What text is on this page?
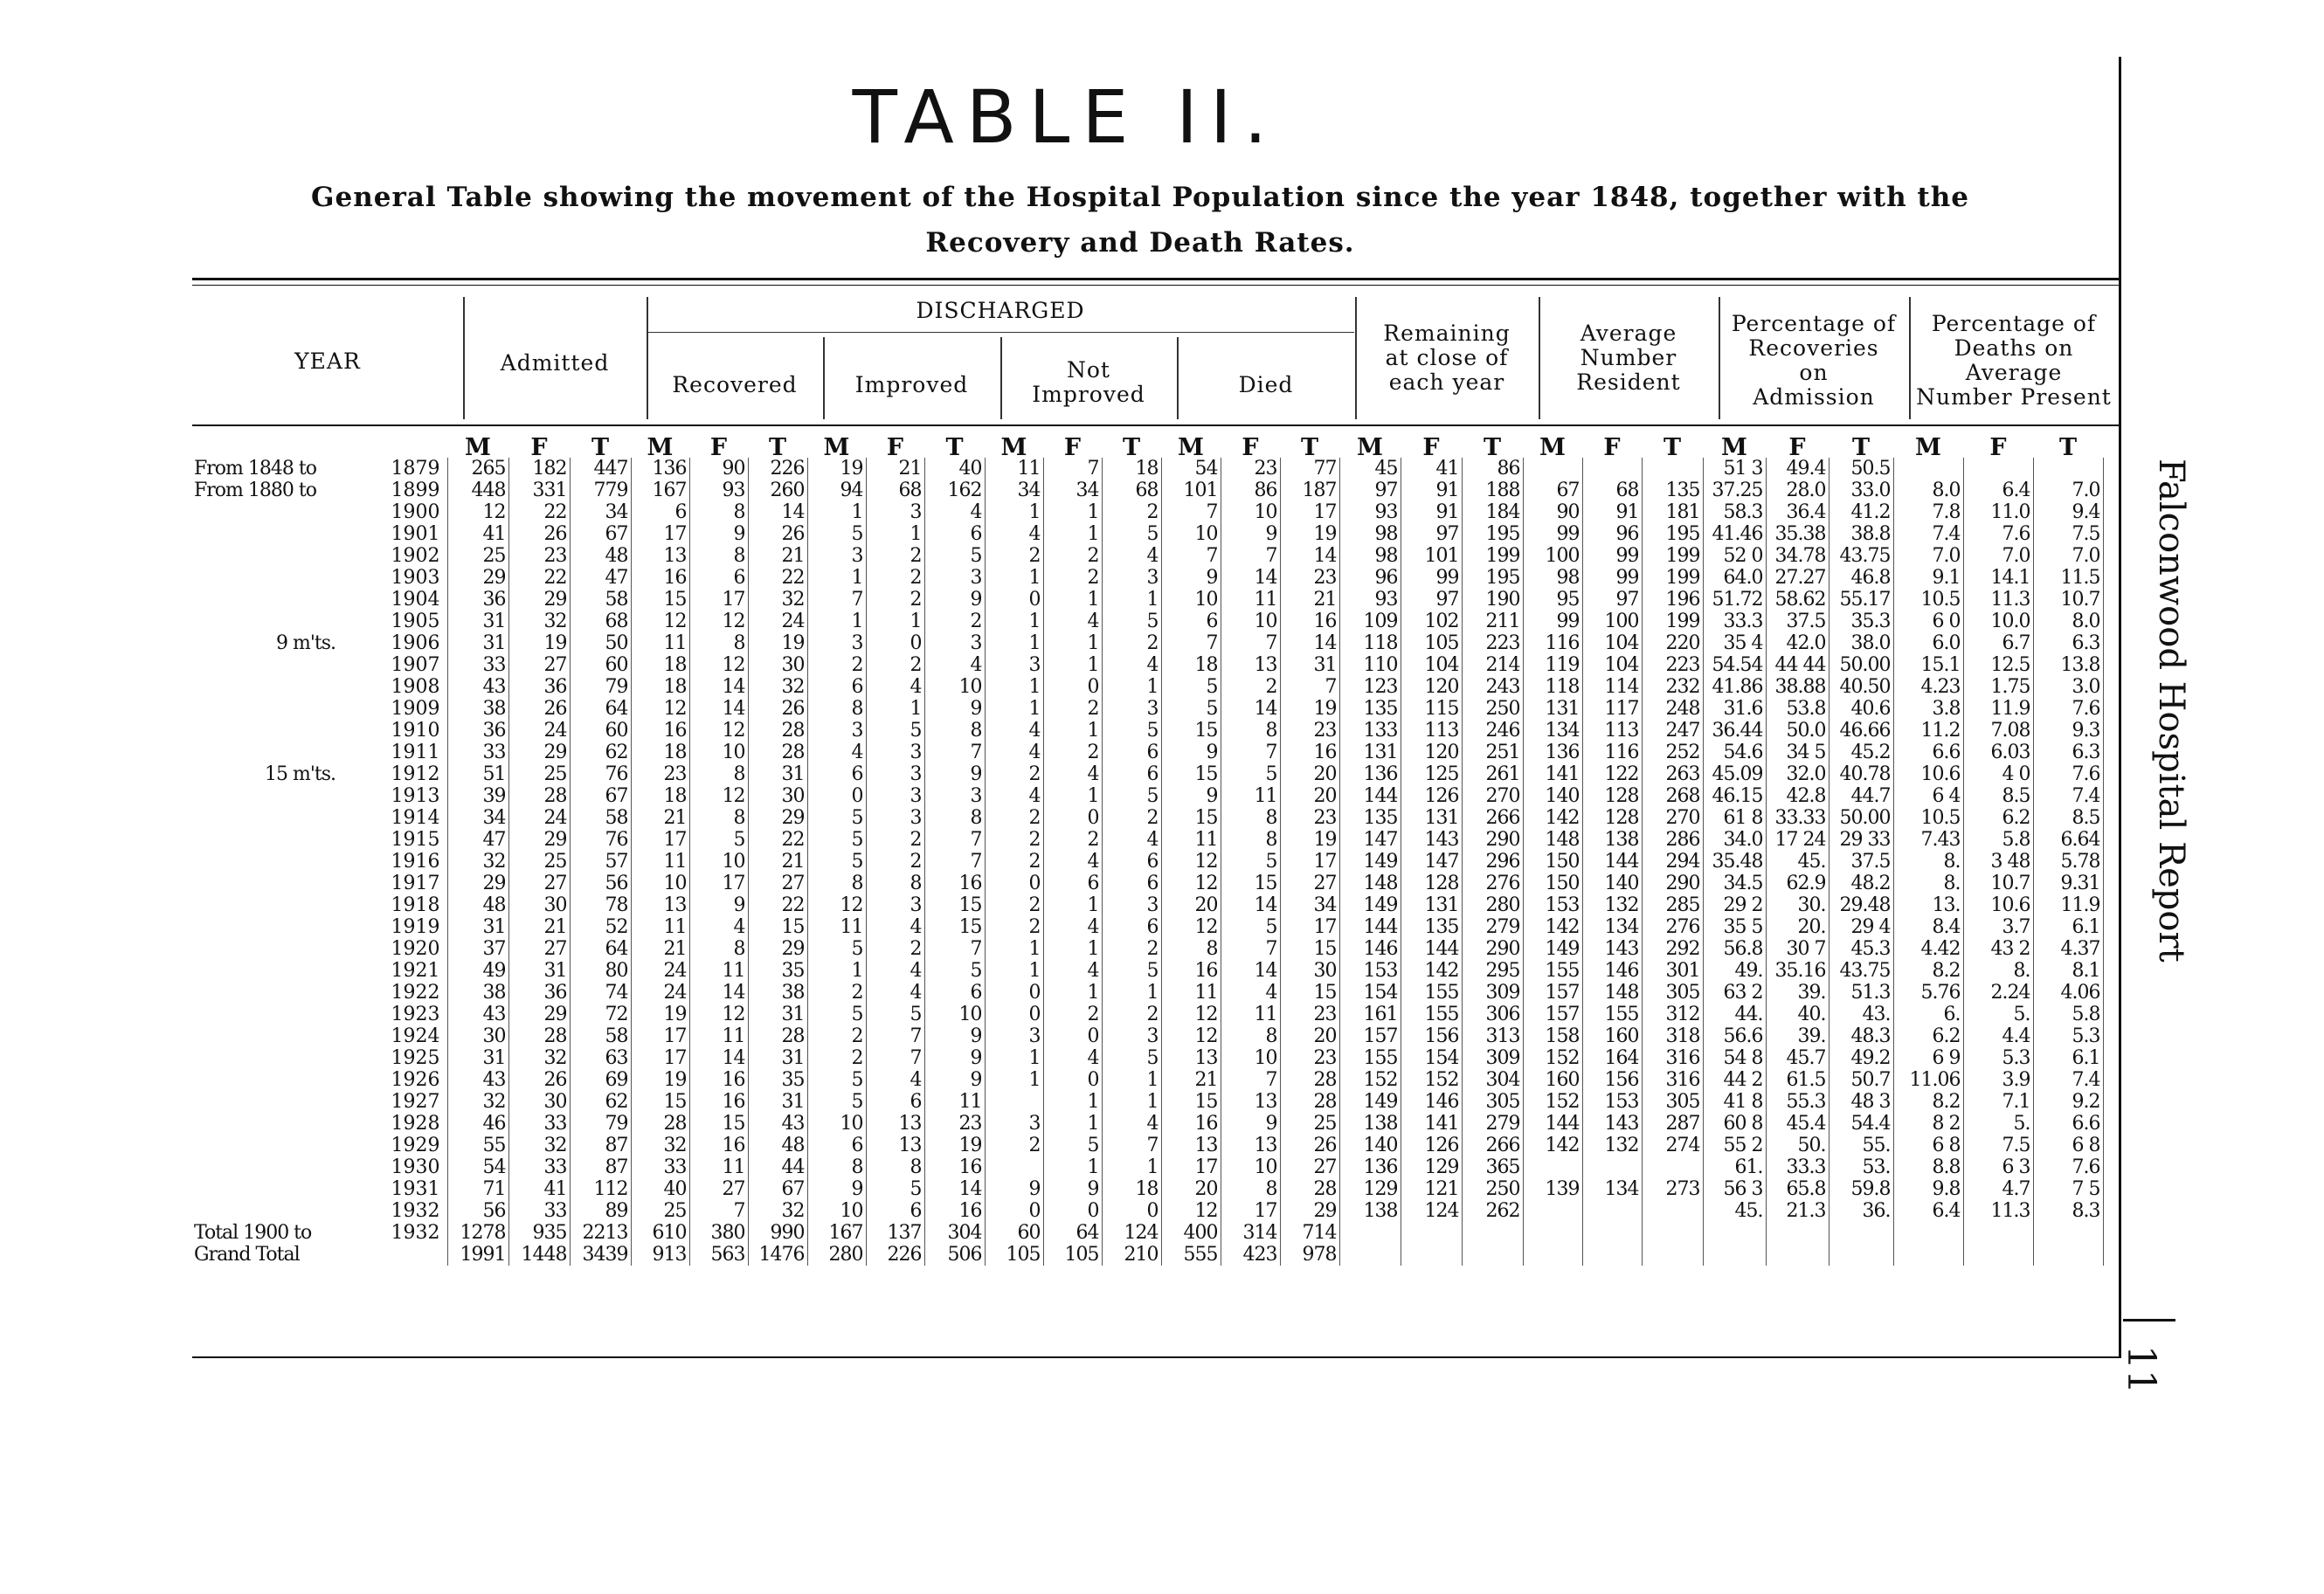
TABLE II.
General Table showing the movement of the Hospital Population since the year 1848, together with the
Recovery and Death Rates.
Falconwood Hospital Report
11
YEAR	Admitted
DISCHARGED
Recovered	Improved
Not
Improved	Died
Remaining
at close of
each year
Average
Number
Resident
Percentage of
Recoveries
on
Admission
Percentage of
Deaths on
Average
Number Present
M	F	T	M	F	T	M	F	T	M	F	T	M	F	T	M	F	T	M	F	T	M	F	T	M	F	T
From 1848 to	1879	265	182	447	136	90	226	19	21	40	11	7	18	54	23	77	45	41	86				51 3	49.4	50.5			
From 1880 to	1899	448	331	779	167	93	260	94	68	162	34	34	68	101	86	187	97	91	188	67	68	135	37.25	28.0	33.0	8.0	6.4	7.0
	1900	12	22	34	6	8	14	1	3	4	1	1	2	7	10	17	93	91	184	90	91	181	58.3	36.4	41.2	7.8	11.0	9.4
	1901	41	26	67	17	9	26	5	1	6	4	1	5	10	9	19	98	97	195	99	96	195	41.46	35.38	38.8	7.4	7.6	7.5
	1902	25	23	48	13	8	21	3	2	5	2	2	4	7	7	14	98	101	199	100	99	199	52 0	34.78	43.75	7.0	7.0	7.0
	1903	29	22	47	16	6	22	1	2	3	1	2	3	9	14	23	96	99	195	98	99	199	64.0	27.27	46.8	9.1	14.1	11.5
	1904	36	29	58	15	17	32	7	2	9	0	1	1	10	11	21	93	97	190	95	97	196	51.72	58.62	55.17	10.5	11.3	10.7
	1905	31	32	68	12	12	24	1	1	2	1	4	5	6	10	16	109	102	211	99	100	199	33.3	37.5	35.3	6 0	10.0	8.0
9 m'ts.	1906	31	19	50	11	8	19	3	0	3	1	1	2	7	7	14	118	105	223	116	104	220	35 4	42.0	38.0	6.0	6.7	6.3
	1907	33	27	60	18	12	30	2	2	4	3	1	4	18	13	31	110	104	214	119	104	223	54.54	44 44	50.00	15.1	12.5	13.8
	1908	43	36	79	18	14	32	6	4	10	1	0	1	5	2	7	123	120	243	118	114	232	41.86	38.88	40.50	4.23	1.75	3.0
	1909	38	26	64	12	14	26	8	1	9	1	2	3	5	14	19	135	115	250	131	117	248	31.6	53.8	40.6	3.8	11.9	7.6
	1910	36	24	60	16	12	28	3	5	8	4	1	5	15	8	23	133	113	246	134	113	247	36.44	50.0	46.66	11.2	7.08	9.3
	1911	33	29	62	18	10	28	4	3	7	4	2	6	9	7	16	131	120	251	136	116	252	54.6	34 5	45.2	6.6	6.03	6.3
15 m'ts.	1912	51	25	76	23	8	31	6	3	9	2	4	6	15	5	20	136	125	261	141	122	263	45.09	32.0	40.78	10.6	4 0	7.6
	1913	39	28	67	18	12	30	0	3	3	4	1	5	9	11	20	144	126	270	140	128	268	46.15	42.8	44.7	6 4	8.5	7.4
	1914	34	24	58	21	8	29	5	3	8	2	0	2	15	8	23	135	131	266	142	128	270	61 8	33.33	50.00	10.5	6.2	8.5
	1915	47	29	76	17	5	22	5	2	7	2	2	4	11	8	19	147	143	290	148	138	286	34.0	17 24	29 33	7.43	5.8	6.64
	1916	32	25	57	11	10	21	5	2	7	2	4	6	12	5	17	149	147	296	150	144	294	35.48	45.	37.5	8.	3 48	5.78
	1917	29	27	56	10	17	27	8	8	16	0	6	6	12	15	27	148	128	276	150	140	290	34.5	62.9	48.2	8.	10.7	9.31
	1918	48	30	78	13	9	22	12	3	15	2	1	3	20	14	34	149	131	280	153	132	285	29 2	30.	29.48	13.	10.6	11.9
	1919	31	21	52	11	4	15	11	4	15	2	4	6	12	5	17	144	135	279	142	134	276	35 5	20.	29 4	8.4	3.7	6.1
	1920	37	27	64	21	8	29	5	2	7	1	1	2	8	7	15	146	144	290	149	143	292	56.8	30 7	45.3	4.42	43 2	4.37
	1921	49	31	80	24	11	35	1	4	5	1	4	5	16	14	30	153	142	295	155	146	301	49.	35.16	43.75	8.2	8.	8.1
	1922	38	36	74	24	14	38	2	4	6	0	1	1	11	4	15	154	155	309	157	148	305	63 2	39.	51.3	5.76	2.24	4.06
	1923	43	29	72	19	12	31	5	5	10	0	2	2	12	11	23	161	155	306	157	155	312	44.	40.	43.	6.	5.	5.8
	1924	30	28	58	17	11	28	2	7	9	3	0	3	12	8	20	157	156	313	158	160	318	56.6	39.	48.3	6.2	4.4	5.3
	1925	31	32	63	17	14	31	2	7	9	1	4	5	13	10	23	155	154	309	152	164	316	54 8	45.7	49.2	6 9	5.3	6.1
	1926	43	26	69	19	16	35	5	4	9	1	0	1	21	7	28	152	152	304	160	156	316	44 2	61.5	50.7	11.06	3.9	7.4
	1927	32	30	62	15	16	31	5	6	11		1	1	15	13	28	149	146	305	152	153	305	41 8	55.3	48 3	8.2	7.1	9.2
	1928	46	33	79	28	15	43	10	13	23	3	1	4	16	9	25	138	141	279	144	143	287	60 8	45.4	54.4	8 2	5.	6.6
	1929	55	32	87	32	16	48	6	13	19	2	5	7	13	13	26	140	126	266	142	132	274	55 2	50.	55.	6 8	7.5	6 8
	1930	54	33	87	33	11	44	8	8	16		1	1	17	10	27	136	129	365				61.	33.3	53.	8.8	6 3	7.6
	1931	71	41	112	40	27	67	9	5	14	9	9	18	20	8	28	129	121	250	139	134	273	56 3	65.8	59.8	9.8	4.7	7 5
	1932	56	33	89	25	7	32	10	6	16	0	0	0	12	17	29	138	124	262				45.	21.3	36.	6.4	11.3	8.3
Total 1900 to	1932	1278	935	2213	610	380	990	167	137	304	60	64	124	400	314	714												
Grand Total		1991	1448	3439	913	563	1476	280	226	506	105	105	210	555	423	978												
